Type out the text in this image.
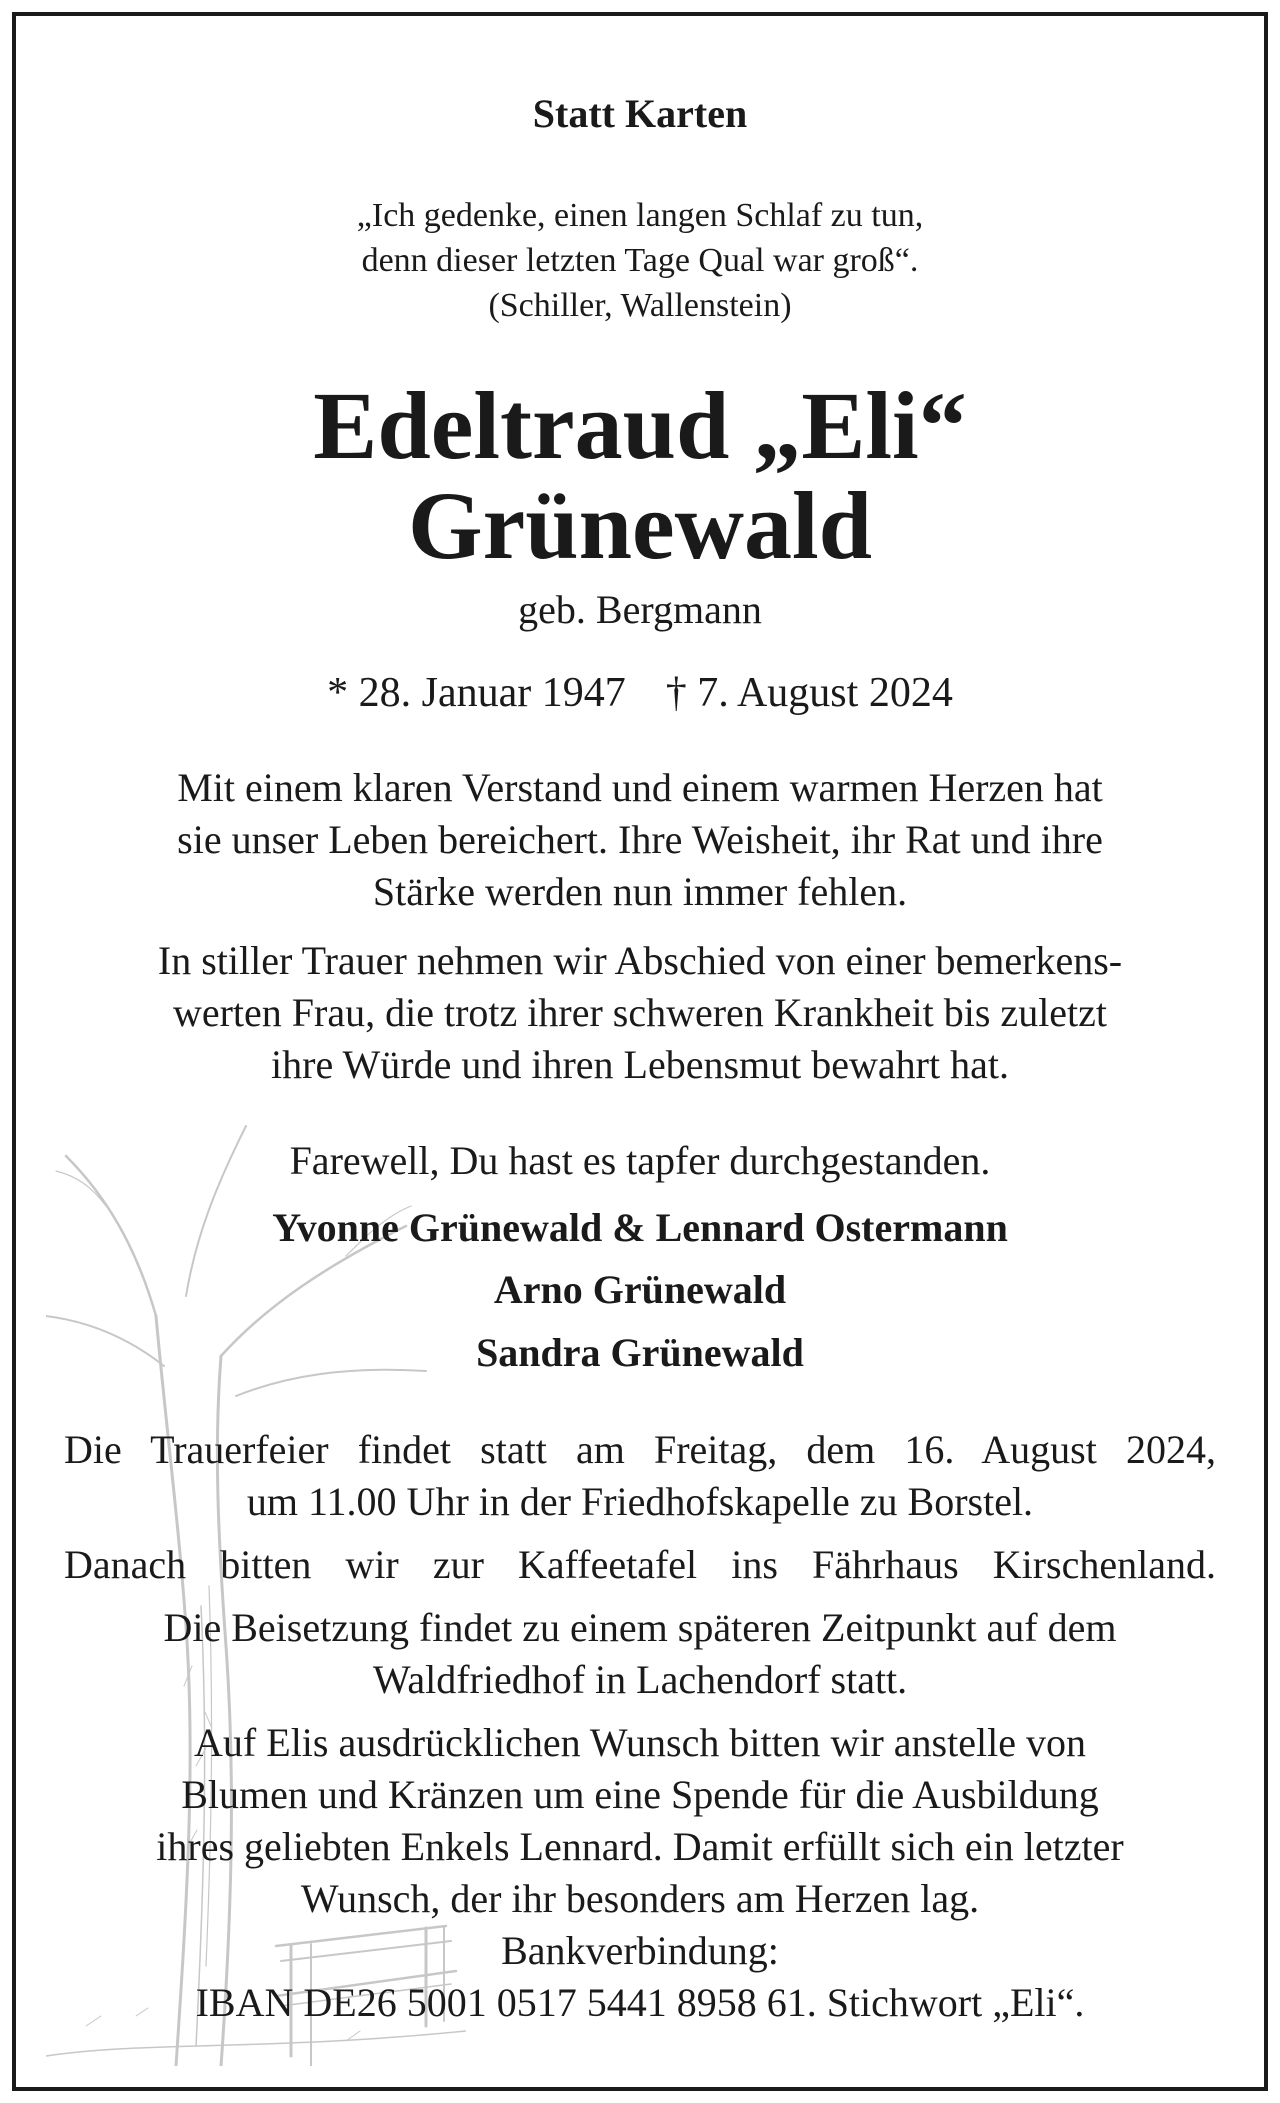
Statt Karten
„Ich gedenke, einen langen Schlaf zu tun,
denn dieser letzten Tage Qual war groß“.
(Schiller, Wallenstein)
Edeltraud „Eli“
Grünewald
geb. Bergmann
* 28. Januar 1947 † 7. August 2024
Mit einem klaren Verstand und einem warmen Herzen hat
sie unser Leben bereichert. Ihre Weisheit, ihr Rat und ihre
Stärke werden nun immer fehlen.
In stiller Trauer nehmen wir Abschied von einer bemerkens-
werten Frau, die trotz ihrer schweren Krankheit bis zuletzt
ihre Würde und ihren Lebensmut bewahrt hat.
Farewell, Du hast es tapfer durchgestanden.
Yvonne Grünewald & Lennard Ostermann
Arno Grünewald
Sandra Grünewald
Die Trauerfeier findet statt am Freitag, dem 16. August 2024,
um 11.00 Uhr in der Friedhofskapelle zu Borstel.
Danach bitten wir zur Kaffeetafel ins Fährhaus Kirschenland.
Die Beisetzung findet zu einem späteren Zeitpunkt auf dem
Waldfriedhof in Lachendorf statt.
Auf Elis ausdrücklichen Wunsch bitten wir anstelle von
Blumen und Kränzen um eine Spende für die Ausbildung
ihres geliebten Enkels Lennard. Damit erfüllt sich ein letzter
Wunsch, der ihr besonders am Herzen lag.
Bankverbindung:
IBAN DE26 5001 0517 5441 8958 61. Stichwort „Eli“.
